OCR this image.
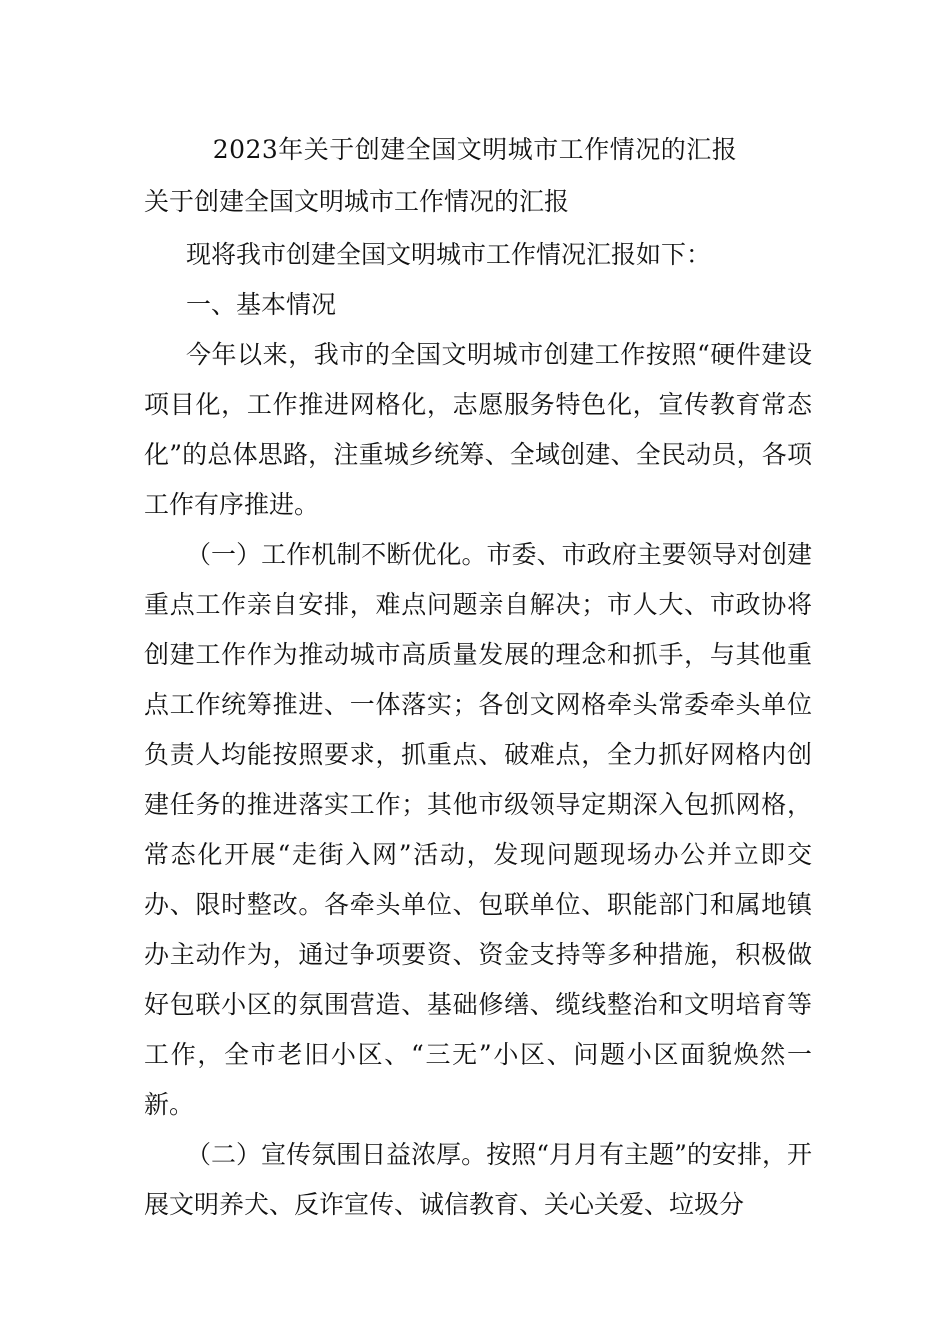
2023年关于创建全国文明城市工作情况的汇报
关于创建全国文明城市工作情况的汇报

现将我市创建全国文明城市工作情况汇报如下：

一、基本情况

今年以来，我市的全国文明城市创建工作按照“硬件建设项目化，工作推进网格化，志愿服务特色化，宣传教育常态化”的总体思路，注重城乡统筹、全域创建、全民动员，各项工作有序推进。

（一）工作机制不断优化。市委、市政府主要领导对创建重点工作亲自安排，难点问题亲自解决；市人大、市政协将创建工作作为推动城市高质量发展的理念和抓手，与其他重点工作统筹推进、一体落实；各创文网格牵头常委牵头单位负责人均能按照要求，抓重点、破难点，全力抓好网格内创建任务的推进落实工作；其他市级领导定期深入包抓网格，常态化开展“走街入网”活动，发现问题现场办公并立即交办、限时整改。各牵头单位、包联单位、职能部门和属地镇办主动作为，通过争项要资、资金支持等多种措施，积极做好包联小区的氛围营造、基础修缮、缆线整治和文明培育等工作，全市老旧小区、“三无”小区、问题小区面貌焕然一新。

（二）宣传氛围日益浓厚。按照“月月有主题”的安排，开展文明养犬、反诈宣传、诚信教育、关心关爱、垃圾分
